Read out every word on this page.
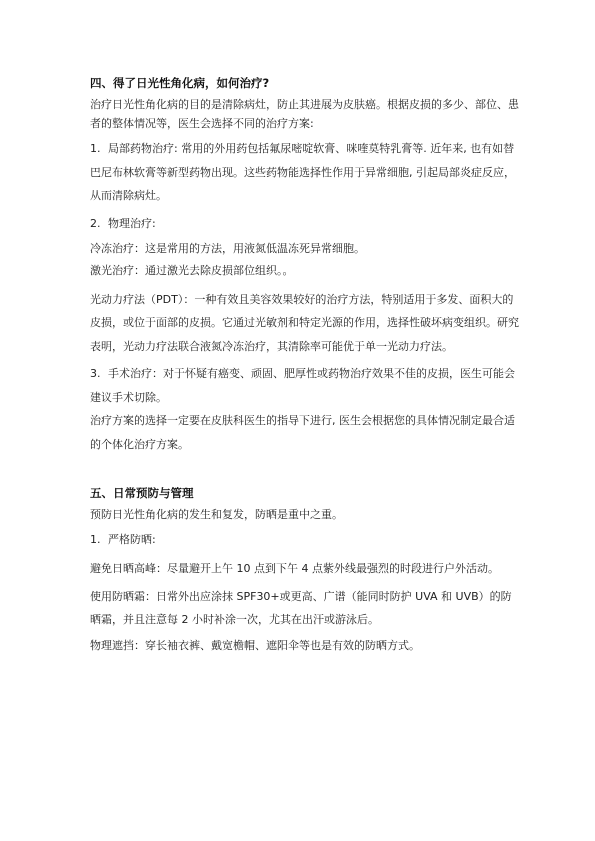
四、得了日光性角化病，如何治疗?

治疗日光性角化病的目的是清除病灶，防止其进展为皮肤癌。根据皮损的多少、部位、患者的整体情况等，医生会选择不同的治疗方案:

1. 局部药物治疗: 常用的外用药包括氟尿嘧啶软膏、咪喹莫特乳膏等. 近年来, 也有如替巴尼布林软膏等新型药物出现。这些药物能选择性作用于异常细胞, 引起局部炎症反应，从而清除病灶。

2. 物理治疗:

冷冻治疗：这是常用的方法，用液氮低温冻死异常细胞。

激光治疗：通过激光去除皮损部位组织。。

光动力疗法（PDT）：一种有效且美容效果较好的治疗方法，特别适用于多发、面积大的皮损，或位于面部的皮损。它通过光敏剂和特定光源的作用，选择性破坏病变组织。研究表明，光动力疗法联合液氮冷冻治疗，其清除率可能优于单一光动力疗法。

3. 手术治疗：对于怀疑有癌变、顽固、肥厚性或药物治疗效果不佳的皮损，医生可能会建议手术切除。

治疗方案的选择一定要在皮肤科医生的指导下进行, 医生会根据您的具体情况制定最合适的个体化治疗方案。

五、日常预防与管理

预防日光性角化病的发生和复发，防晒是重中之重。

1. 严格防晒:

避免日晒高峰：尽量避开上午 10 点到下午 4 点紫外线最强烈的时段进行户外活动。

使用防晒霜：日常外出应涂抹 SPF30+或更高、广谱（能同时防护 UVA 和 UVB）的防晒霜，并且注意每 2 小时补涂一次，尤其在出汗或游泳后。

物理遮挡：穿长袖衣裤、戴宽檐帽、遮阳伞等也是有效的防晒方式。
